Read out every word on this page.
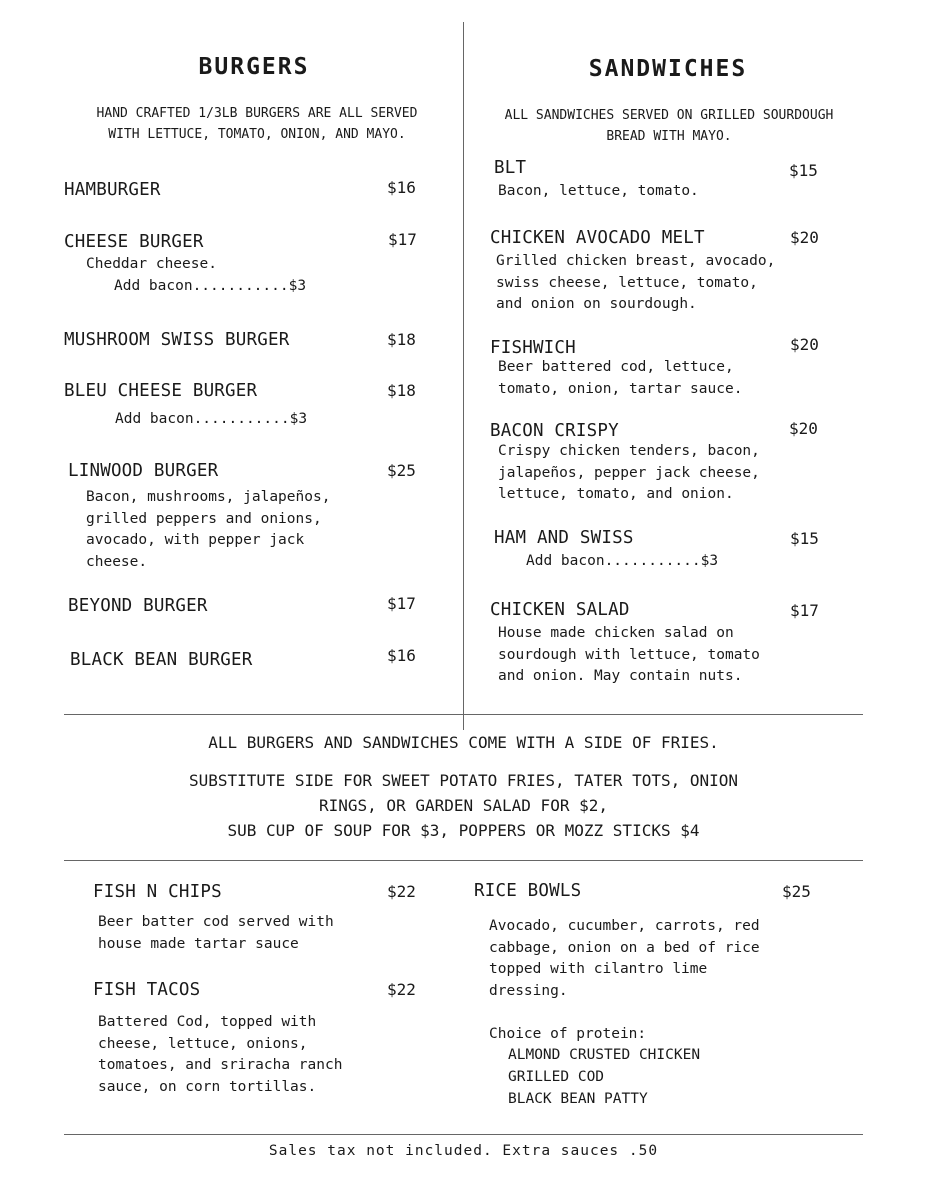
BURGERS
HAND CRAFTED 1/3LB BURGERS ARE ALL SERVED
WITH LETTUCE, TOMATO, ONION, AND MAYO.
HAMBURGER	$16
CHEESE BURGER	$17
Cheddar cheese.
Add bacon...........$3
MUSHROOM SWISS BURGER	$18
BLEU CHEESE BURGER	$18
Add bacon...........$3
LINWOOD BURGER	$25
Bacon, mushrooms, jalapeños,
grilled peppers and onions,
avocado, with pepper jack
cheese.
BEYOND BURGER	$17
BLACK BEAN BURGER	$16
SANDWICHES
ALL SANDWICHES SERVED ON GRILLED SOURDOUGH
BREAD WITH MAYO.
BLT	$15
Bacon, lettuce, tomato.
CHICKEN AVOCADO MELT	$20
Grilled chicken breast, avocado,
swiss cheese, lettuce, tomato,
and onion on sourdough.
FISHWICH	$20
Beer battered cod, lettuce,
tomato, onion, tartar sauce.
BACON CRISPY	$20
Crispy chicken tenders, bacon,
jalapeños, pepper jack cheese,
lettuce, tomato, and onion.
HAM AND SWISS	$15
Add bacon...........$3
CHICKEN SALAD	$17
House made chicken salad on
sourdough with lettuce, tomato
and onion. May contain nuts.
ALL BURGERS AND SANDWICHES COME WITH A SIDE OF FRIES.
SUBSTITUTE SIDE FOR SWEET POTATO FRIES, TATER TOTS, ONION
RINGS, OR GARDEN SALAD FOR $2,
SUB CUP OF SOUP FOR $3, POPPERS OR MOZZ STICKS $4
FISH N CHIPS	$22
Beer batter cod served with
house made tartar sauce
FISH TACOS	$22
Battered Cod, topped with
cheese, lettuce, onions,
tomatoes, and sriracha ranch
sauce, on corn tortillas.
RICE BOWLS	$25
Avocado, cucumber, carrots, red
cabbage, onion on a bed of rice
topped with cilantro lime
dressing.
Choice of protein:
ALMOND CRUSTED CHICKEN
GRILLED COD
BLACK BEAN PATTY
Sales tax not included. Extra sauces .50
